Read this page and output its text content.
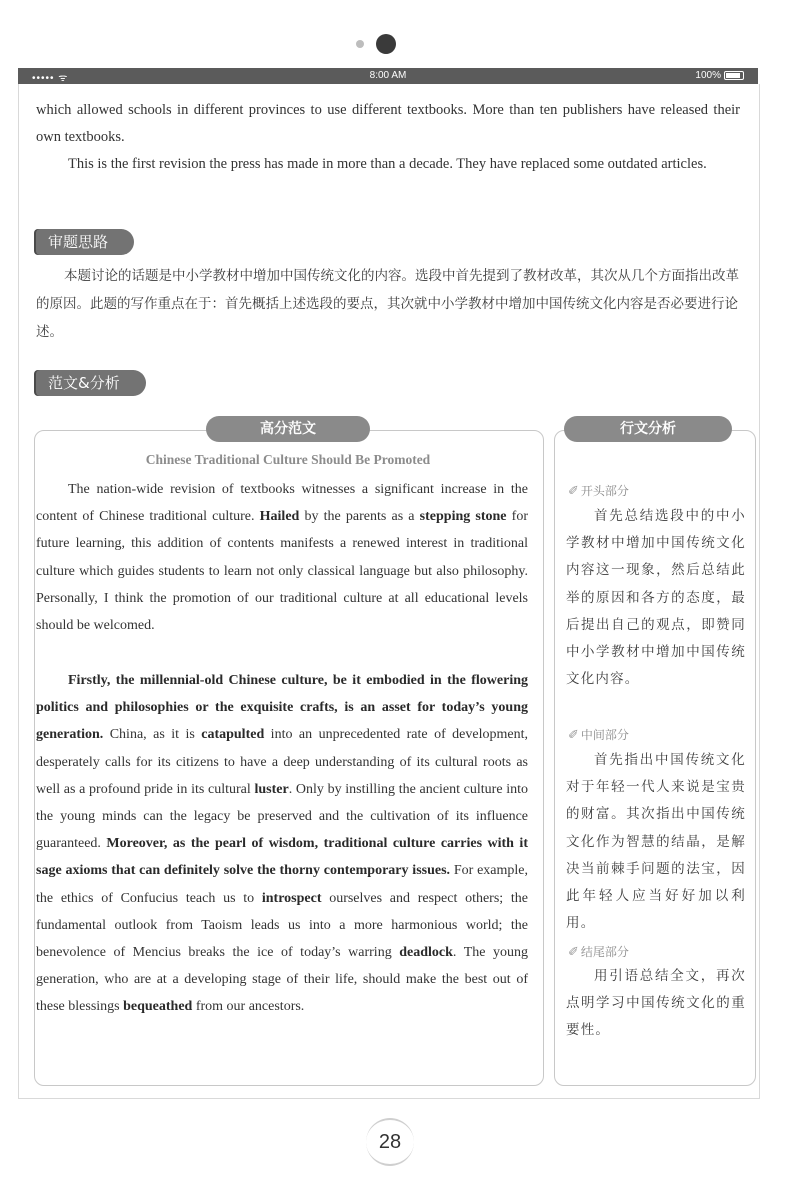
••••• ᯤ	8:00 AM	100%

which allowed schools in different provinces to use different textbooks. More than ten publishers have released their own textbooks.

This is the first revision the press has made in more than a decade. They have replaced some outdated articles.

审题思路

本题讨论的话题是中小学教材中增加中国传统文化的内容。选段中首先提到了教材改革，其次从几个方面指出改革的原因。此题的写作重点在于：首先概括上述选段的要点，其次就中小学教材中增加中国传统文化内容是否必要进行论述。

范文&分析
高分范文	行文分析
Chinese Traditional Culture Should Be Promoted

The nation-wide revision of textbooks witnesses a significant increase in the content of Chinese traditional culture. Hailed by the parents as a stepping stone for future learning, this addition of contents manifests a renewed interest in traditional culture which guides students to learn not only classical language but also philosophy. Personally, I think the promotion of our traditional culture at all educational levels should be welcomed.

Firstly, the millennial-old Chinese culture, be it embodied in the flowering politics and philosophies or the exquisite crafts, is an asset for today’s young generation. China, as it is catapulted into an unprecedented rate of development, desperately calls for its citizens to have a deep understanding of its cultural roots as well as a profound pride in its cultural luster. Only by instilling the ancient culture into the young minds can the legacy be preserved and the cultivation of its influence guaranteed. Moreover, as the pearl of wisdom, traditional culture carries with it sage axioms that can definitely solve the thorny contemporary issues. For example, the ethics of Confucius teach us to introspect ourselves and respect others; the fundamental outlook from Taoism leads us into a more harmonious world; the benevolence of Mencius breaks the ice of today’s warring deadlock. The young generation, who are at a developing stage of their life, should make the best out of these blessings bequeathed from our ancestors.

✐ 开头部分

首先总结选段中的中小学教材中增加中国传统文化内容这一现象，然后总结此举的原因和各方的态度，最后提出自己的观点，即赞同中小学教材中增加中国传统文化内容。

✐ 中间部分

首先指出中国传统文化对于年轻一代人来说是宝贵的财富。其次指出中国传统文化作为智慧的结晶，是解决当前棘手问题的法宝，因此年轻人应当好好加以利用。

✐ 结尾部分

用引语总结全文，再次点明学习中国传统文化的重要性。

28
